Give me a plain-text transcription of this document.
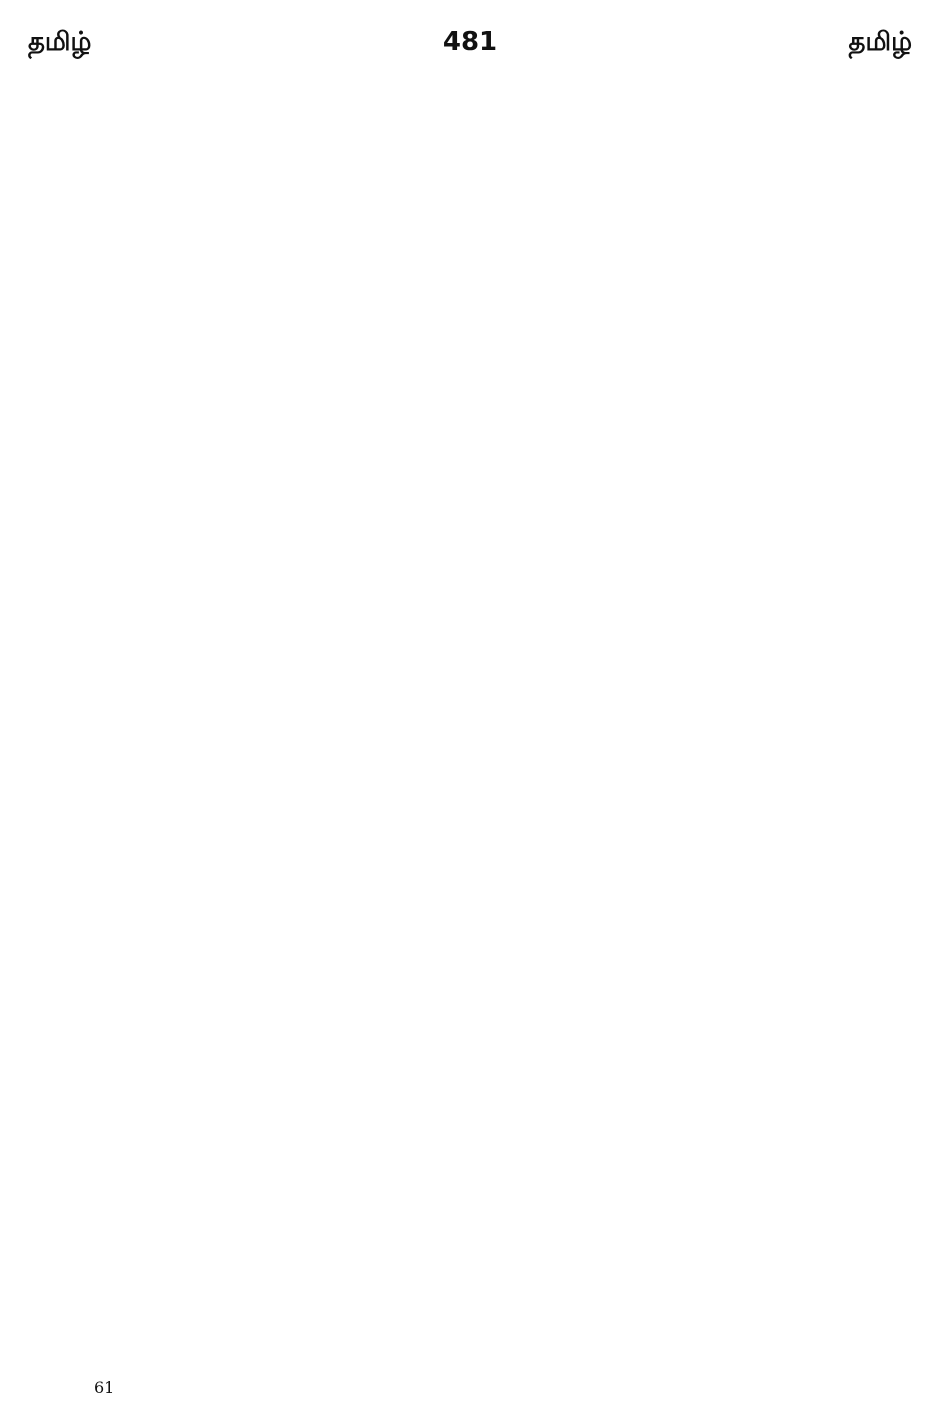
தமிழ்	481	தமிழ்
61
